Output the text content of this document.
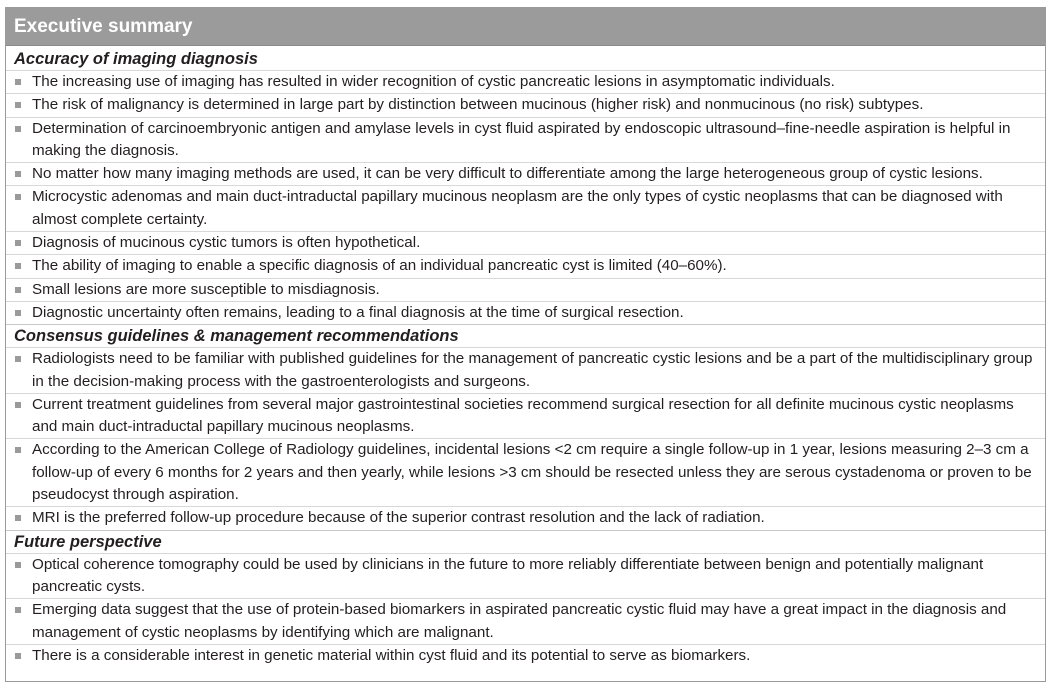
Executive summary
Accuracy of imaging diagnosis
The increasing use of imaging has resulted in wider recognition of cystic pancreatic lesions in asymptomatic individuals.
The risk of malignancy is determined in large part by distinction between mucinous (higher risk) and nonmucinous (no risk) subtypes.
Determination of carcinoembryonic antigen and amylase levels in cyst fluid aspirated by endoscopic ultrasound–fine-needle aspiration is helpful in making the diagnosis.
No matter how many imaging methods are used, it can be very difficult to differentiate among the large heterogeneous group of cystic lesions.
Microcystic adenomas and main duct-intraductal papillary mucinous neoplasm are the only types of cystic neoplasms that can be diagnosed with almost complete certainty.
Diagnosis of mucinous cystic tumors is often hypothetical.
The ability of imaging to enable a specific diagnosis of an individual pancreatic cyst is limited (40–60%).
Small lesions are more susceptible to misdiagnosis.
Diagnostic uncertainty often remains, leading to a final diagnosis at the time of surgical resection.
Consensus guidelines & management recommendations
Radiologists need to be familiar with published guidelines for the management of pancreatic cystic lesions and be a part of the multidisciplinary group in the decision-making process with the gastroenterologists and surgeons.
Current treatment guidelines from several major gastrointestinal societies recommend surgical resection for all definite mucinous cystic neoplasms and main duct-intraductal papillary mucinous neoplasms.
According to the American College of Radiology guidelines, incidental lesions <2 cm require a single follow-up in 1 year, lesions measuring 2–3 cm a follow-up of every 6 months for 2 years and then yearly, while lesions >3 cm should be resected unless they are serous cystadenoma or proven to be pseudocyst through aspiration.
MRI is the preferred follow-up procedure because of the superior contrast resolution and the lack of radiation.
Future perspective
Optical coherence tomography could be used by clinicians in the future to more reliably differentiate between benign and potentially malignant pancreatic cysts.
Emerging data suggest that the use of protein-based biomarkers in aspirated pancreatic cystic fluid may have a great impact in the diagnosis and management of cystic neoplasms by identifying which are malignant.
There is a considerable interest in genetic material within cyst fluid and its potential to serve as biomarkers.
